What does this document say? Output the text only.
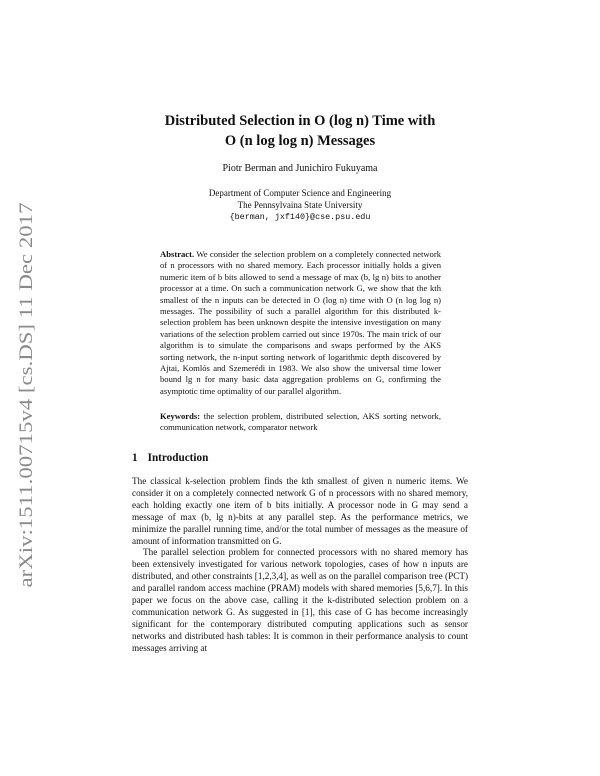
arXiv:1511.00715v4 [cs.DS] 11 Dec 2017
Distributed Selection in O (log n) Time with
O (n log log n) Messages
Piotr Berman and Junichiro Fukuyama
Department of Computer Science and Engineering
The Pennsylvaina State University
{berman, jxf140}@cse.psu.edu
Abstract. We consider the selection problem on a completely connected network of n processors with no shared memory. Each processor initially holds a given numeric item of b bits allowed to send a message of max (b, lg n) bits to another processor at a time. On such a communication network G, we show that the kth smallest of the n inputs can be detected in O (log n) time with O (n log log n) messages. The possibility of such a parallel algorithm for this distributed k-selection problem has been unknown despite the intensive investigation on many variations of the selection problem carried out since 1970s. The main trick of our algorithm is to simulate the comparisons and swaps performed by the AKS sorting network, the n-input sorting network of logarithmic depth discovered by Ajtai, Komlós and Szemerédi in 1983. We also show the universal time lower bound lg n for many basic data aggregation problems on G, confirming the asymptotic time optimality of our parallel algorithm.
Keywords: the selection problem, distributed selection, AKS sorting network, communication network, comparator network
1 Introduction

The classical k-selection problem finds the kth smallest of given n numeric items. We consider it on a completely connected network G of n processors with no shared memory, each holding exactly one item of b bits initially. A processor node in G may send a message of max (b, lg n)-bits at any parallel step. As the performance metrics, we minimize the parallel running time, and/or the total number of messages as the measure of amount of information transmitted on G.

The parallel selection problem for connected processors with no shared memory has been extensively investigated for various network topologies, cases of how n inputs are distributed, and other constraints [1,2,3,4], as well as on the parallel comparison tree (PCT) and parallel random access machine (PRAM) models with shared memories [5,6,7]. In this paper we focus on the above case, calling it the k-distributed selection problem on a communication network G. As suggested in [1], this case of G has become increasingly significant for the contemporary distributed computing applications such as sensor networks and distributed hash tables: It is common in their performance analysis to count messages arriving at
